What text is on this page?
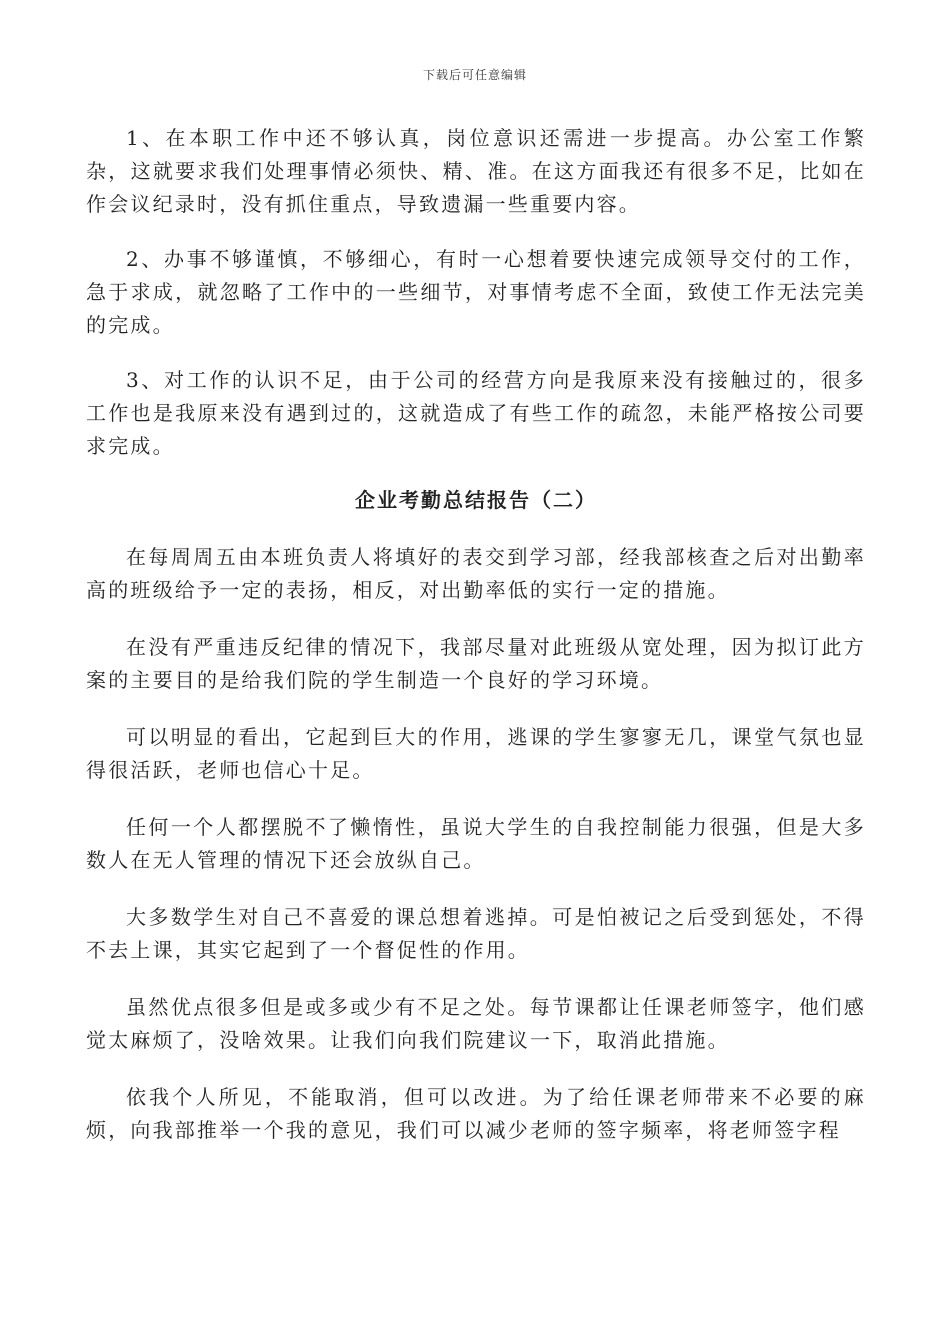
下载后可任意编辑

1、在本职工作中还不够认真，岗位意识还需进一步提高。办公室工作繁杂，这就要求我们处理事情必须快、精、准。在这方面我还有很多不足，比如在作会议纪录时，没有抓住重点，导致遗漏一些重要内容。

2、办事不够谨慎，不够细心，有时一心想着要快速完成领导交付的工作，急于求成，就忽略了工作中的一些细节，对事情考虑不全面，致使工作无法完美的完成。

3、对工作的认识不足，由于公司的经营方向是我原来没有接触过的，很多工作也是我原来没有遇到过的，这就造成了有些工作的疏忽，未能严格按公司要求完成。

企业考勤总结报告（二）

在每周周五由本班负责人将填好的表交到学习部，经我部核查之后对出勤率高的班级给予一定的表扬，相反，对出勤率低的实行一定的措施。

在没有严重违反纪律的情况下，我部尽量对此班级从宽处理，因为拟订此方案的主要目的是给我们院的学生制造一个良好的学习环境。

可以明显的看出，它起到巨大的作用，逃课的学生寥寥无几，课堂气氛也显得很活跃，老师也信心十足。

任何一个人都摆脱不了懒惰性，虽说大学生的自我控制能力很强，但是大多数人在无人管理的情况下还会放纵自己。

大多数学生对自己不喜爱的课总想着逃掉。可是怕被记之后受到惩处，不得不去上课，其实它起到了一个督促性的作用。

虽然优点很多但是或多或少有不足之处。每节课都让任课老师签字，他们感觉太麻烦了，没啥效果。让我们向我们院建议一下，取消此措施。

依我个人所见，不能取消，但可以改进。为了给任课老师带来不必要的麻烦，向我部推举一个我的意见，我们可以减少老师的签字频率，将老师签字程
